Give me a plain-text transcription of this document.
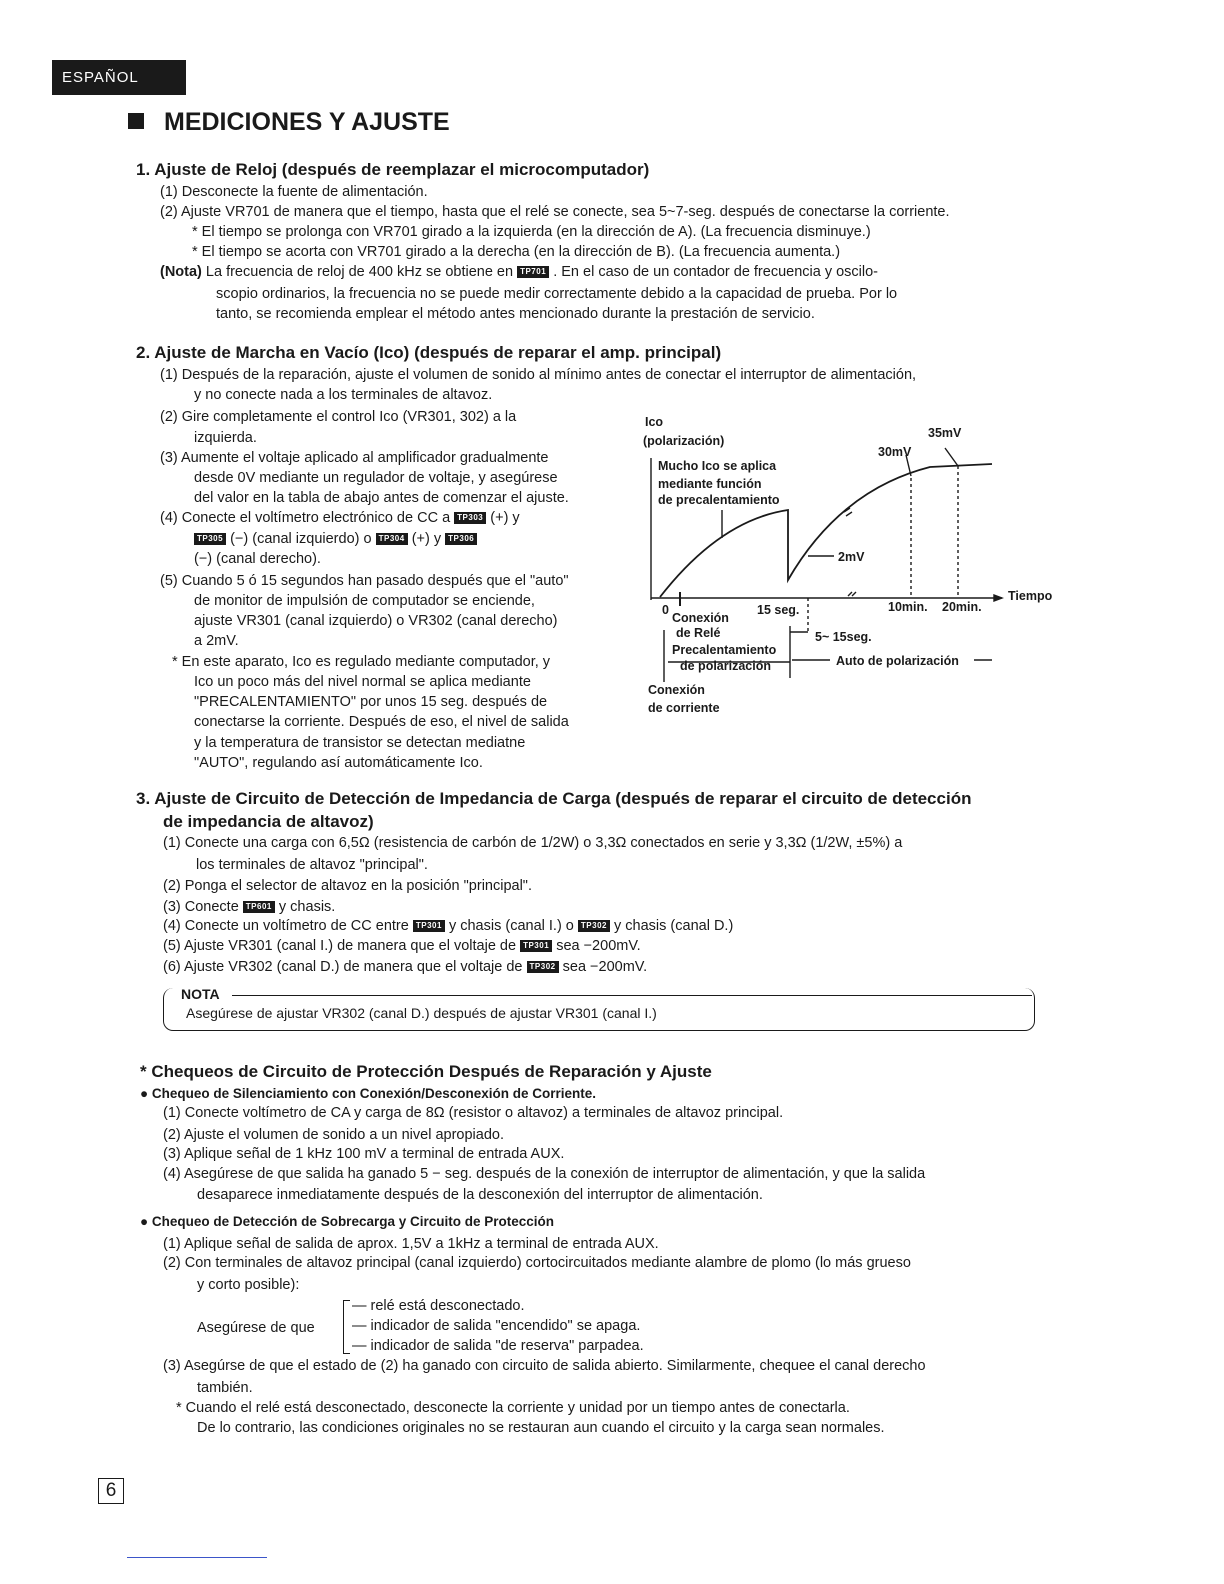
ESPAÑOL
MEDICIONES Y AJUSTE
1. Ajuste de Reloj (después de reemplazar el microcomputador)
(1) Desconecte la fuente de alimentación.
(2) Ajuste VR701 de manera que el tiempo, hasta que el relé se conecte, sea 5~7-seg. después de conectarse la corriente.
* El tiempo se prolonga con VR701 girado a la izquierda (en la dirección de A). (La frecuencia disminuye.)
* El tiempo se acorta con VR701 girado a la derecha (en la dirección de B). (La frecuencia aumenta.)
(Nota) La frecuencia de reloj de 400 kHz se obtiene en TP701 . En el caso de un contador de frecuencia y oscilo-
scopio ordinarios, la frecuencia no se puede medir correctamente debido a la capacidad de prueba. Por lo
tanto, se recomienda emplear el método antes mencionado durante la prestación de servicio.
2. Ajuste de Marcha en Vacío (Ico) (después de reparar el amp. principal)
(1) Después de la reparación, ajuste el volumen de sonido al mínimo antes de conectar el interruptor de alimentación,
y no conecte nada a los terminales de altavoz.
(2) Gire completamente el control Ico (VR301, 302) a la
izquierda.
(3) Aumente el voltaje aplicado al amplificador gradualmente
desde 0V mediante un regulador de voltaje, y asegúrese
del valor en la tabla de abajo antes de comenzar el ajuste.
(4) Conecte el voltímetro electrónico de CC a TP303 (+) y
TP305 (−) (canal izquierdo) o TP304 (+) y TP306
(−) (canal derecho).
(5) Cuando 5 ó 15 segundos han pasado después que el "auto"
de monitor de impulsión de computador se enciende,
ajuste VR301 (canal izquierdo) o VR302 (canal derecho)
a 2mV.
* En este aparato, Ico es regulado mediante computador, y
Ico un poco más del nivel normal se aplica mediante
"PRECALENTAMIENTO" por unos 15 seg. después de
conectarse la corriente. Después de eso, el nivel de salida
y la temperatura de transistor se detectan mediatne
"AUTO", regulando así automáticamente Ico.
Ico
(polarización)
Mucho Ico se aplica
mediante función
de precalentamiento
35mV
30mV
2mV
0
Tiempo
15 seg.	10min. 20min.
Conexión
de Relé
Precalentamiento
de polarización
5~ 15seg.
Auto de polarización
Conexión
de corriente
3. Ajuste de Circuito de Detección de Impedancia de Carga (después de reparar el circuito de detección
de impedancia de altavoz)
(1) Conecte una carga con 6,5Ω (resistencia de carbón de 1/2W) o 3,3Ω conectados en serie y 3,3Ω (1/2W, ±5%) a
los terminales de altavoz "principal".
(2) Ponga el selector de altavoz en la posición "principal".
(3) Conecte TP601 y chasis.
(4) Conecte un voltímetro de CC entre TP301 y chasis (canal I.) o TP302 y chasis (canal D.)
(5) Ajuste VR301 (canal I.) de manera que el voltaje de TP301 sea −200mV.
(6) Ajuste VR302 (canal D.) de manera que el voltaje de TP302 sea −200mV.
NOTA
Asegúrese de ajustar VR302 (canal D.) después de ajustar VR301 (canal I.)
* Chequeos de Circuito de Protección Después de Reparación y Ajuste
● Chequeo de Silenciamiento con Conexión/Desconexión de Corriente.
(1) Conecte voltímetro de CA y carga de 8Ω (resistor o altavoz) a terminales de altavoz principal.
(2) Ajuste el volumen de sonido a un nivel apropiado.
(3) Aplique señal de 1 kHz 100 mV a terminal de entrada AUX.
(4) Asegúrese de que salida ha ganado 5 − seg. después de la conexión de interruptor de alimentación, y que la salida
desaparece inmediatamente después de la desconexión del interruptor de alimentación.
● Chequeo de Detección de Sobrecarga y Circuito de Protección
(1) Aplique señal de salida de aprox. 1,5V a 1kHz a terminal de entrada AUX.
(2) Con terminales de altavoz principal (canal izquierdo) cortocircuitados mediante alambre de plomo (lo más grueso
y corto posible):
Asegúrese de que
— relé está desconectado.
— indicador de salida "encendido" se apaga.
— indicador de salida "de reserva" parpadea.
(3) Asegúrse de que el estado de (2) ha ganado con circuito de salida abierto. Similarmente, chequee el canal derecho
también.
* Cuando el relé está desconectado, desconecte la corriente y unidad por un tiempo antes de conectarla.
De lo contrario, las condiciones originales no se restauran aun cuando el circuito y la carga sean normales.
6
